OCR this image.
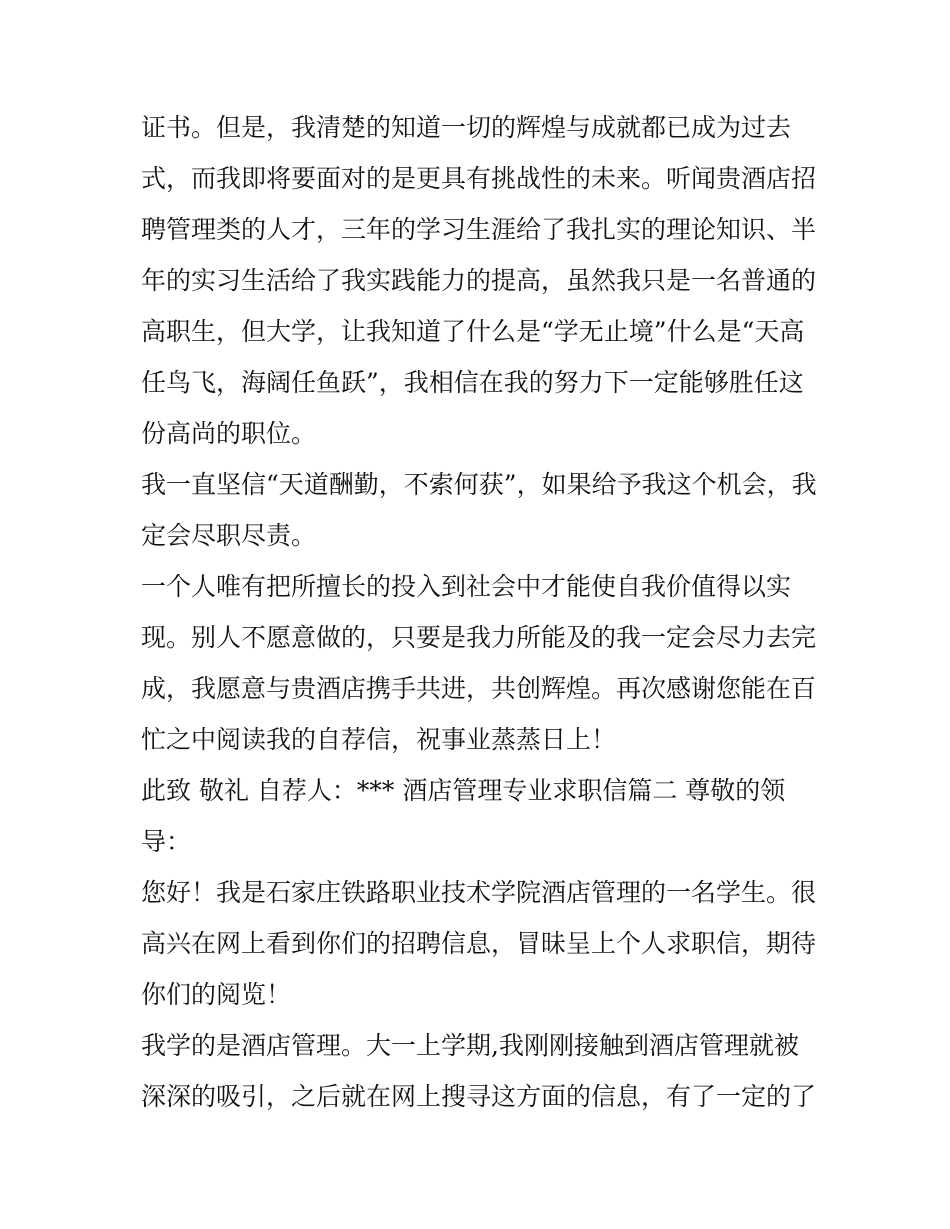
证书。但是，我清楚的知道一切的辉煌与成就都已成为过去

式，而我即将要面对的是更具有挑战性的未来。听闻贵酒店招

聘管理类的人才，三年的学习生涯给了我扎实的理论知识、半

年的实习生活给了我实践能力的提高，虽然我只是一名普通的

高职生，但大学，让我知道了什么是“学无止境”什么是“天高

任鸟飞，海阔任鱼跃”，我相信在我的努力下一定能够胜任这

份高尚的职位。

我一直坚信“天道酬勤，不索何获”，如果给予我这个机会，我

定会尽职尽责。

一个人唯有把所擅长的投入到社会中才能使自我价值得以实

现。别人不愿意做的，只要是我力所能及的我一定会尽力去完

成，我愿意与贵酒店携手共进，共创辉煌。再次感谢您能在百

忙之中阅读我的自荐信，祝事业蒸蒸日上！

此致 敬礼 自荐人：*** 酒店管理专业求职信篇二 尊敬的领

导：

您好！我是石家庄铁路职业技术学院酒店管理的一名学生。很

高兴在网上看到你们的招聘信息，冒昧呈上个人求职信，期待

你们的阅览！

我学的是酒店管理。大一上学期,我刚刚接触到酒店管理就被

深深的吸引，之后就在网上搜寻这方面的信息，有了一定的了
